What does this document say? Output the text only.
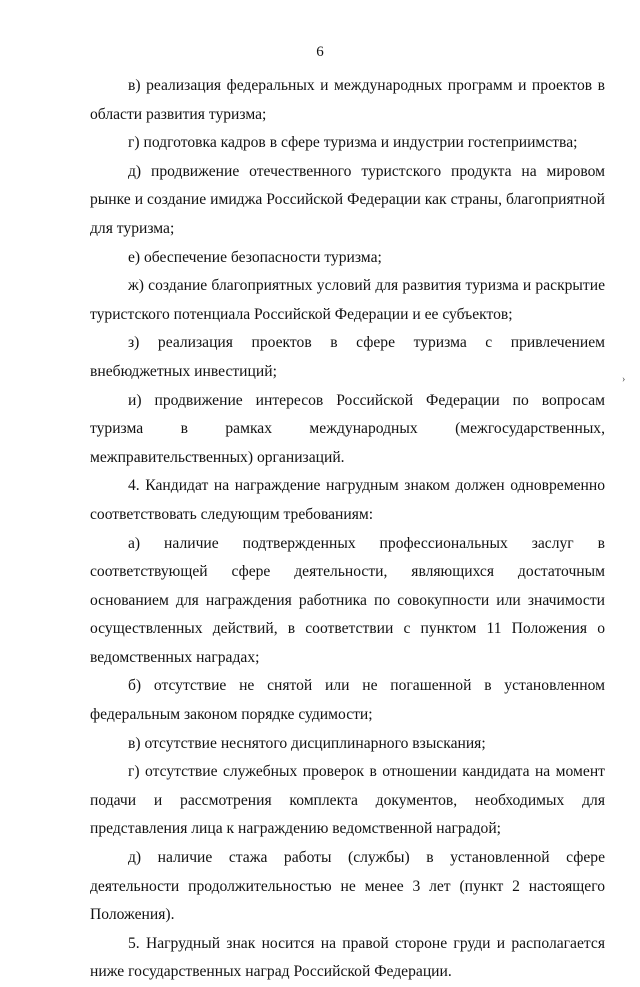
6

в) реализация федеральных и международных программ и проектов в области развития туризма;

г) подготовка кадров в сфере туризма и индустрии гостеприимства;

д) продвижение отечественного туристского продукта на мировом рынке и создание имиджа Российской Федерации как страны, благоприятной для туризма;

е) обеспечение безопасности туризма;

ж) создание благоприятных условий для развития туризма и раскрытие туристского потенциала Российской Федерации и ее субъектов;

з) реализация проектов в сфере туризма с привлечением внебюджетных инвестиций;

и) продвижение интересов Российской Федерации по вопросам туризма в рамках международных (межгосударственных, межправительственных) организаций.

4. Кандидат на награждение нагрудным знаком должен одновременно соответствовать следующим требованиям:

а) наличие подтвержденных профессиональных заслуг в соответствующей сфере деятельности, являющихся достаточным основанием для награждения работника по совокупности или значимости осуществленных действий, в соответствии с пунктом 11 Положения о ведомственных наградах;

б) отсутствие не снятой или не погашенной в установленном федеральным законом порядке судимости;

в) отсутствие неснятого дисциплинарного взыскания;

г) отсутствие служебных проверок в отношении кандидата на момент подачи и рассмотрения комплекта документов, необходимых для представления лица к награждению ведомственной наградой;

д) наличие стажа работы (службы) в установленной сфере деятельности продолжительностью не менее 3 лет (пункт 2 настоящего Положения).

5. Нагрудный знак носится на правой стороне груди и располагается ниже государственных наград Российской Федерации.

›
